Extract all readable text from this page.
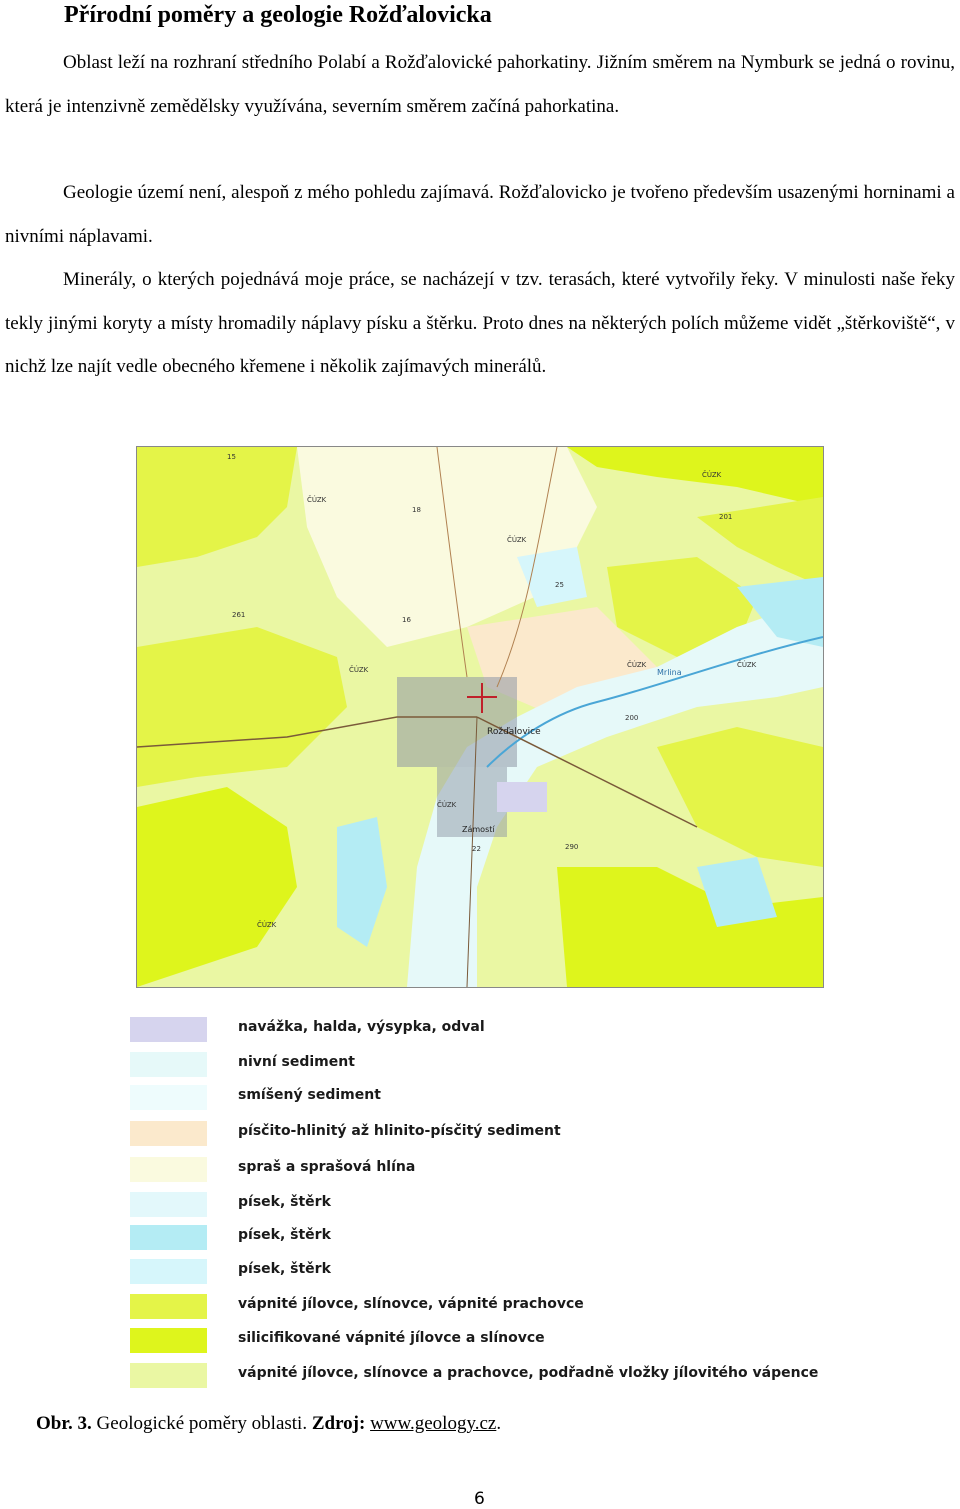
Přírodní poměry a geologie Rožďalovicka

Oblast leží na rozhraní středního Polabí a Rožďalovické pahorkatiny. Jižním směrem na Nymburk se jedná o rovinu, která je intenzivně zemědělsky využívána, severním směrem začíná pahorkatina.

Geologie území není, alespoň z mého pohledu zajímavá. Rožďalovicko je tvořeno především usazenými horninami a nivními náplavami.

Minerály, o kterých pojednává moje práce, se nacházejí v tzv. terasách, které vytvořily řeky. V minulosti naše řeky tekly jinými koryty a místy hromadily náplavy písku a štěrku. Proto dnes na některých polích můžeme vidět „štěrkoviště“, v nichž lze najít vedle obecného křemene i několik zajímavých minerálů.

Rožďalovice
Zámostí
Mrlina
ČÚZK
ČÚZK
ČÚZK	ČÚZK
ČÚZK
ČÚZK
ČÚZK
ČÚZK
16
18
25
201
261
290
200
22
15
navážka, halda, výsypka, odval
nivní sediment
smíšený sediment
písčito-hlinitý až hlinito-písčitý sediment
spraš a sprašová hlína
písek, štěrk
písek, štěrk
písek, štěrk
vápnité jílovce, slínovce, vápnité prachovce
silicifikované vápnité jílovce a slínovce
vápnité jílovce, slínovce a prachovce, podřadně vložky jílovitého vápence
Obr. 3. Geologické poměry oblasti. Zdroj: www.geology.cz.
6
